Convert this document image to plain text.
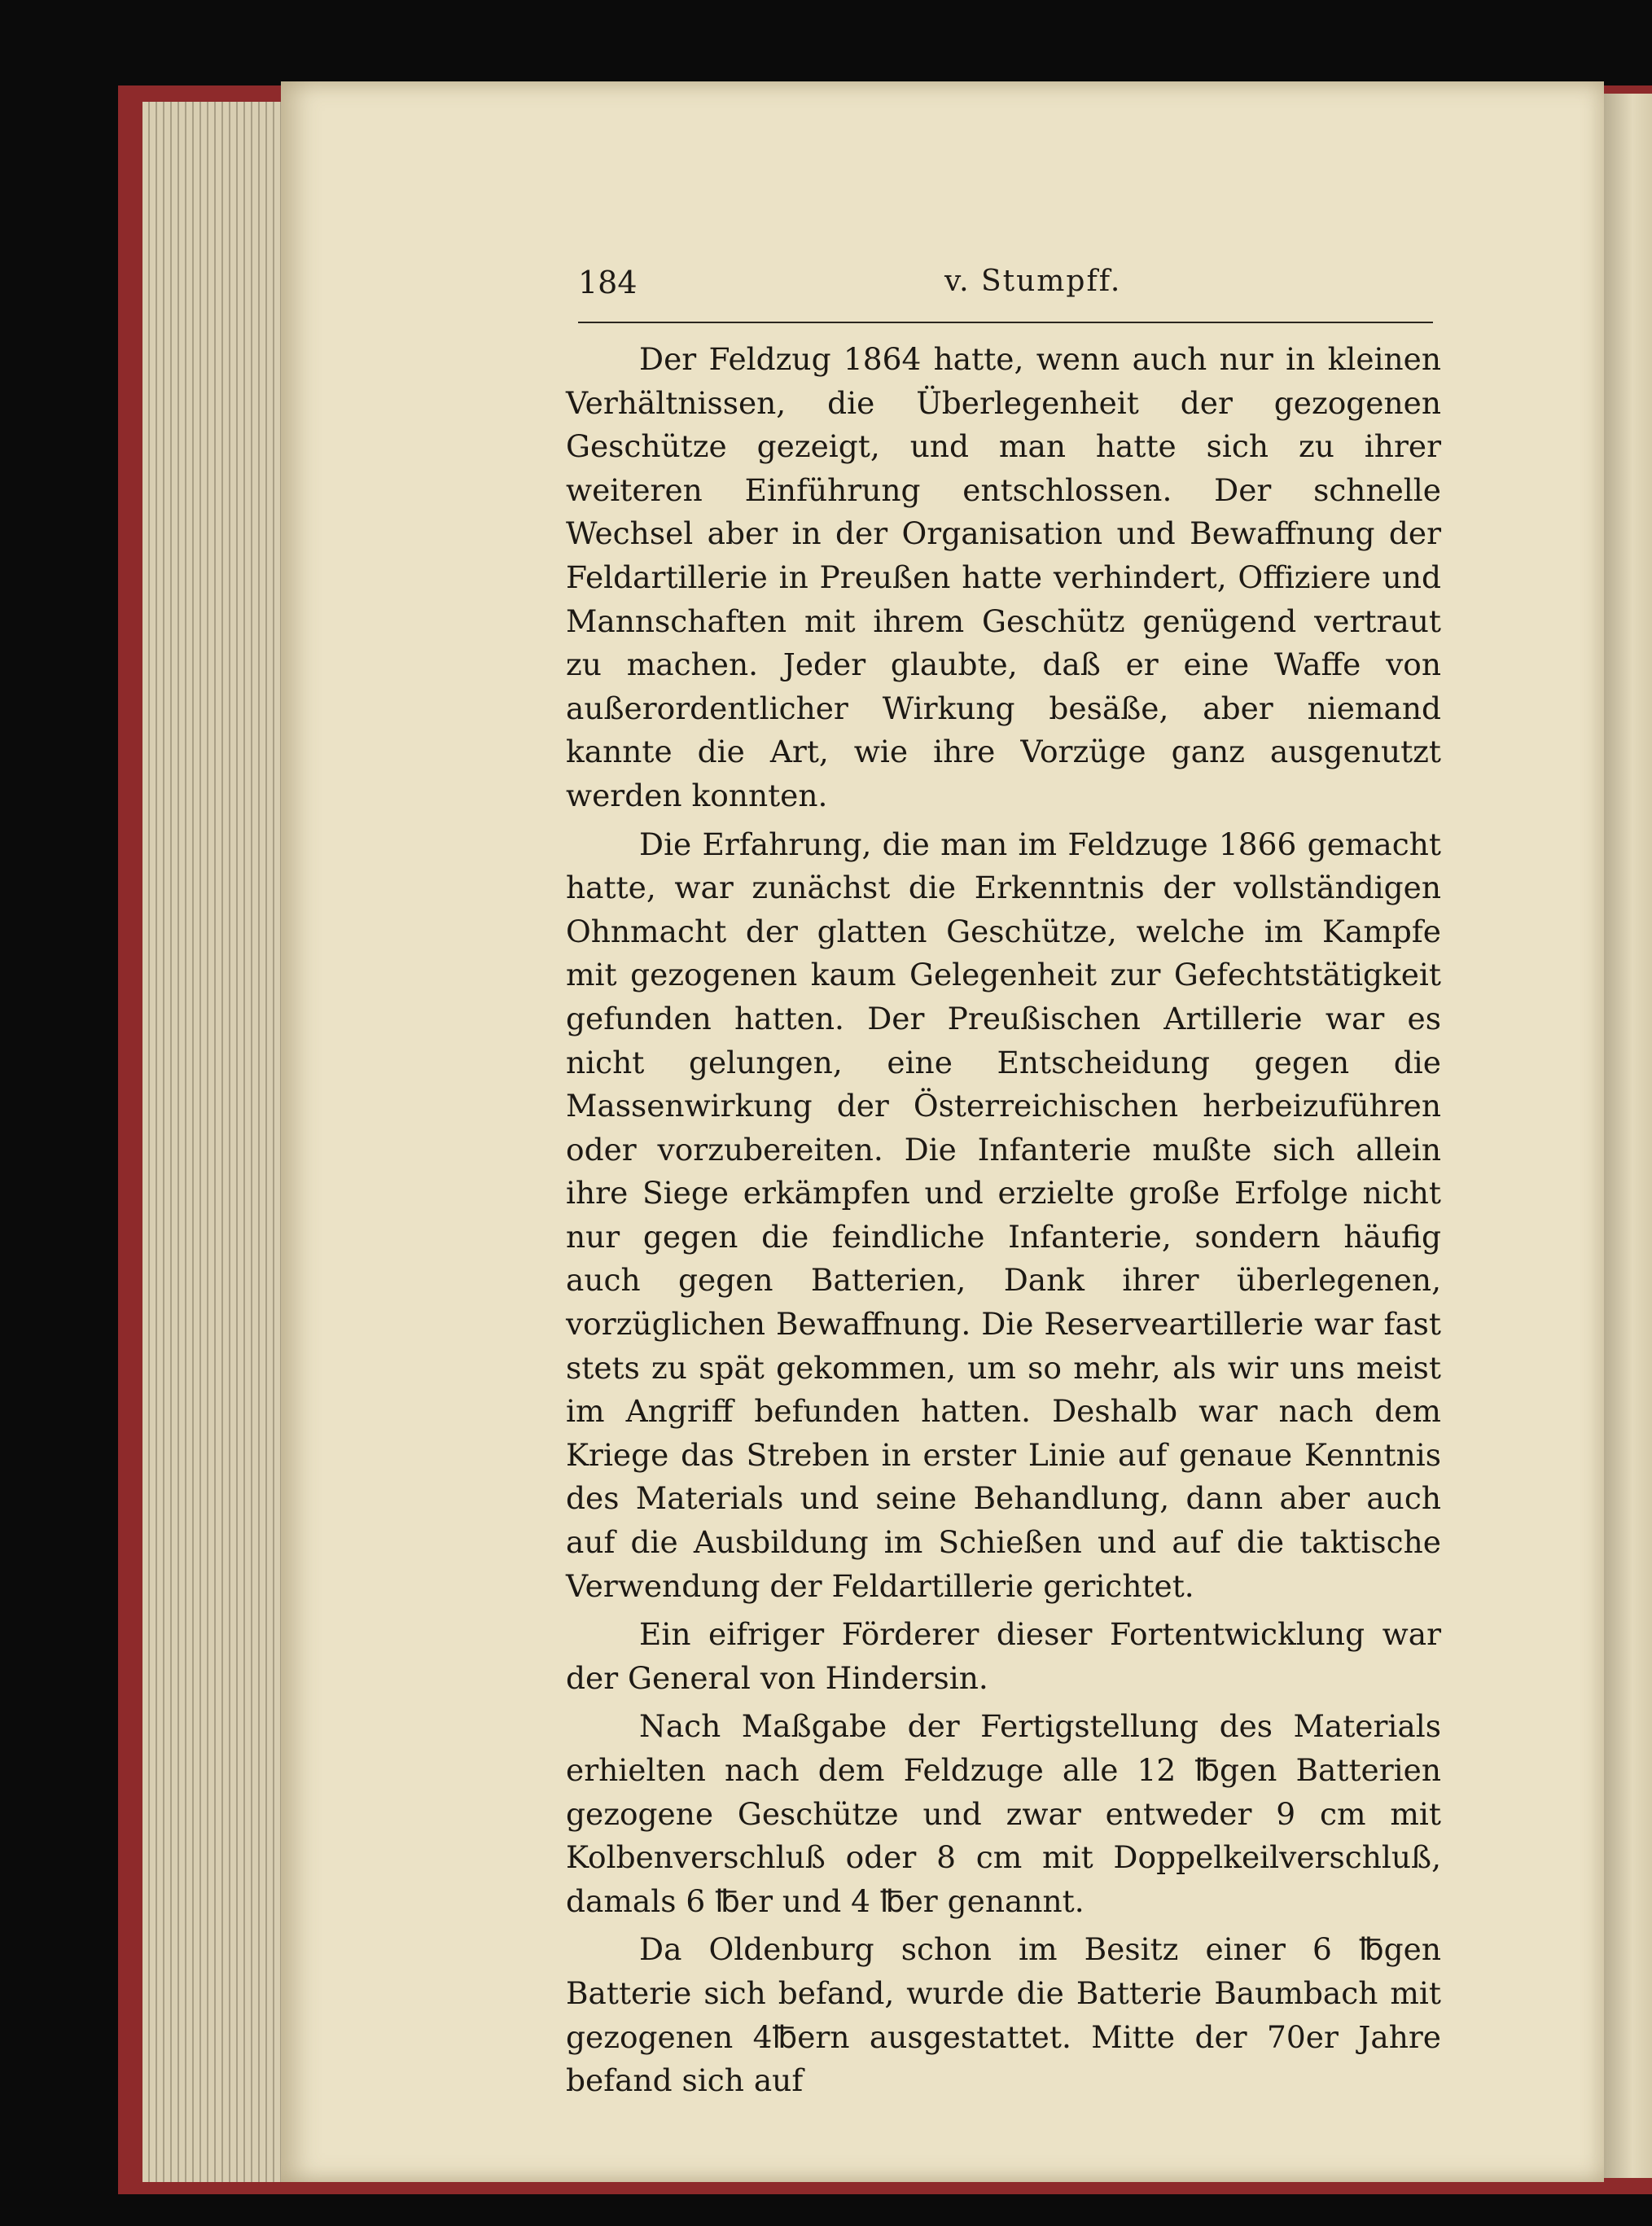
184	v. Stumpff.

Der Feldzug 1864 hatte, wenn auch nur in kleinen Verhältnissen, die Überlegenheit der gezogenen Geschütze gezeigt, und man hatte sich zu ihrer weiteren Einführung entschlossen. Der schnelle Wechsel aber in der Organisation und Bewaffnung der Feldartillerie in Preußen hatte verhindert, Offiziere und Mannschaften mit ihrem Geschütz genügend vertraut zu machen. Jeder glaubte, daß er eine Waffe von außerordentlicher Wirkung besäße, aber niemand kannte die Art, wie ihre Vorzüge ganz ausgenutzt werden konnten.

Die Erfahrung, die man im Feldzuge 1866 gemacht hatte, war zunächst die Erkenntnis der vollständigen Ohnmacht der glatten Geschütze, welche im Kampfe mit gezogenen kaum Gelegenheit zur Gefechtstätigkeit gefunden hatten. Der Preußischen Artillerie war es nicht gelungen, eine Entscheidung gegen die Massenwirkung der Österreichischen herbeizuführen oder vorzubereiten. Die Infanterie mußte sich allein ihre Siege erkämpfen und erzielte große Erfolge nicht nur gegen die feindliche Infanterie, sondern häufig auch gegen Batterien, Dank ihrer überlegenen, vorzüglichen Bewaffnung. Die Reserveartillerie war fast stets zu spät gekommen, um so mehr, als wir uns meist im Angriff befunden hatten. Deshalb war nach dem Kriege das Streben in erster Linie auf genaue Kenntnis des Materials und seine Behandlung, dann aber auch auf die Ausbildung im Schießen und auf die taktische Verwendung der Feldartillerie gerichtet.

Ein eifriger Förderer dieser Fortentwicklung war der General von Hindersin.

Nach Maßgabe der Fertigstellung des Materials erhielten nach dem Feldzuge alle 12 ℔gen Batterien gezogene Geschütze und zwar entweder 9 cm mit Kolbenverschluß oder 8 cm mit Doppelkeilverschluß, damals 6 ℔er und 4 ℔er genannt.

Da Oldenburg schon im Besitz einer 6 ℔gen Batterie sich befand, wurde die Batterie Baumbach mit gezogenen 4℔ern ausgestattet. Mitte der 70er Jahre befand sich auf
